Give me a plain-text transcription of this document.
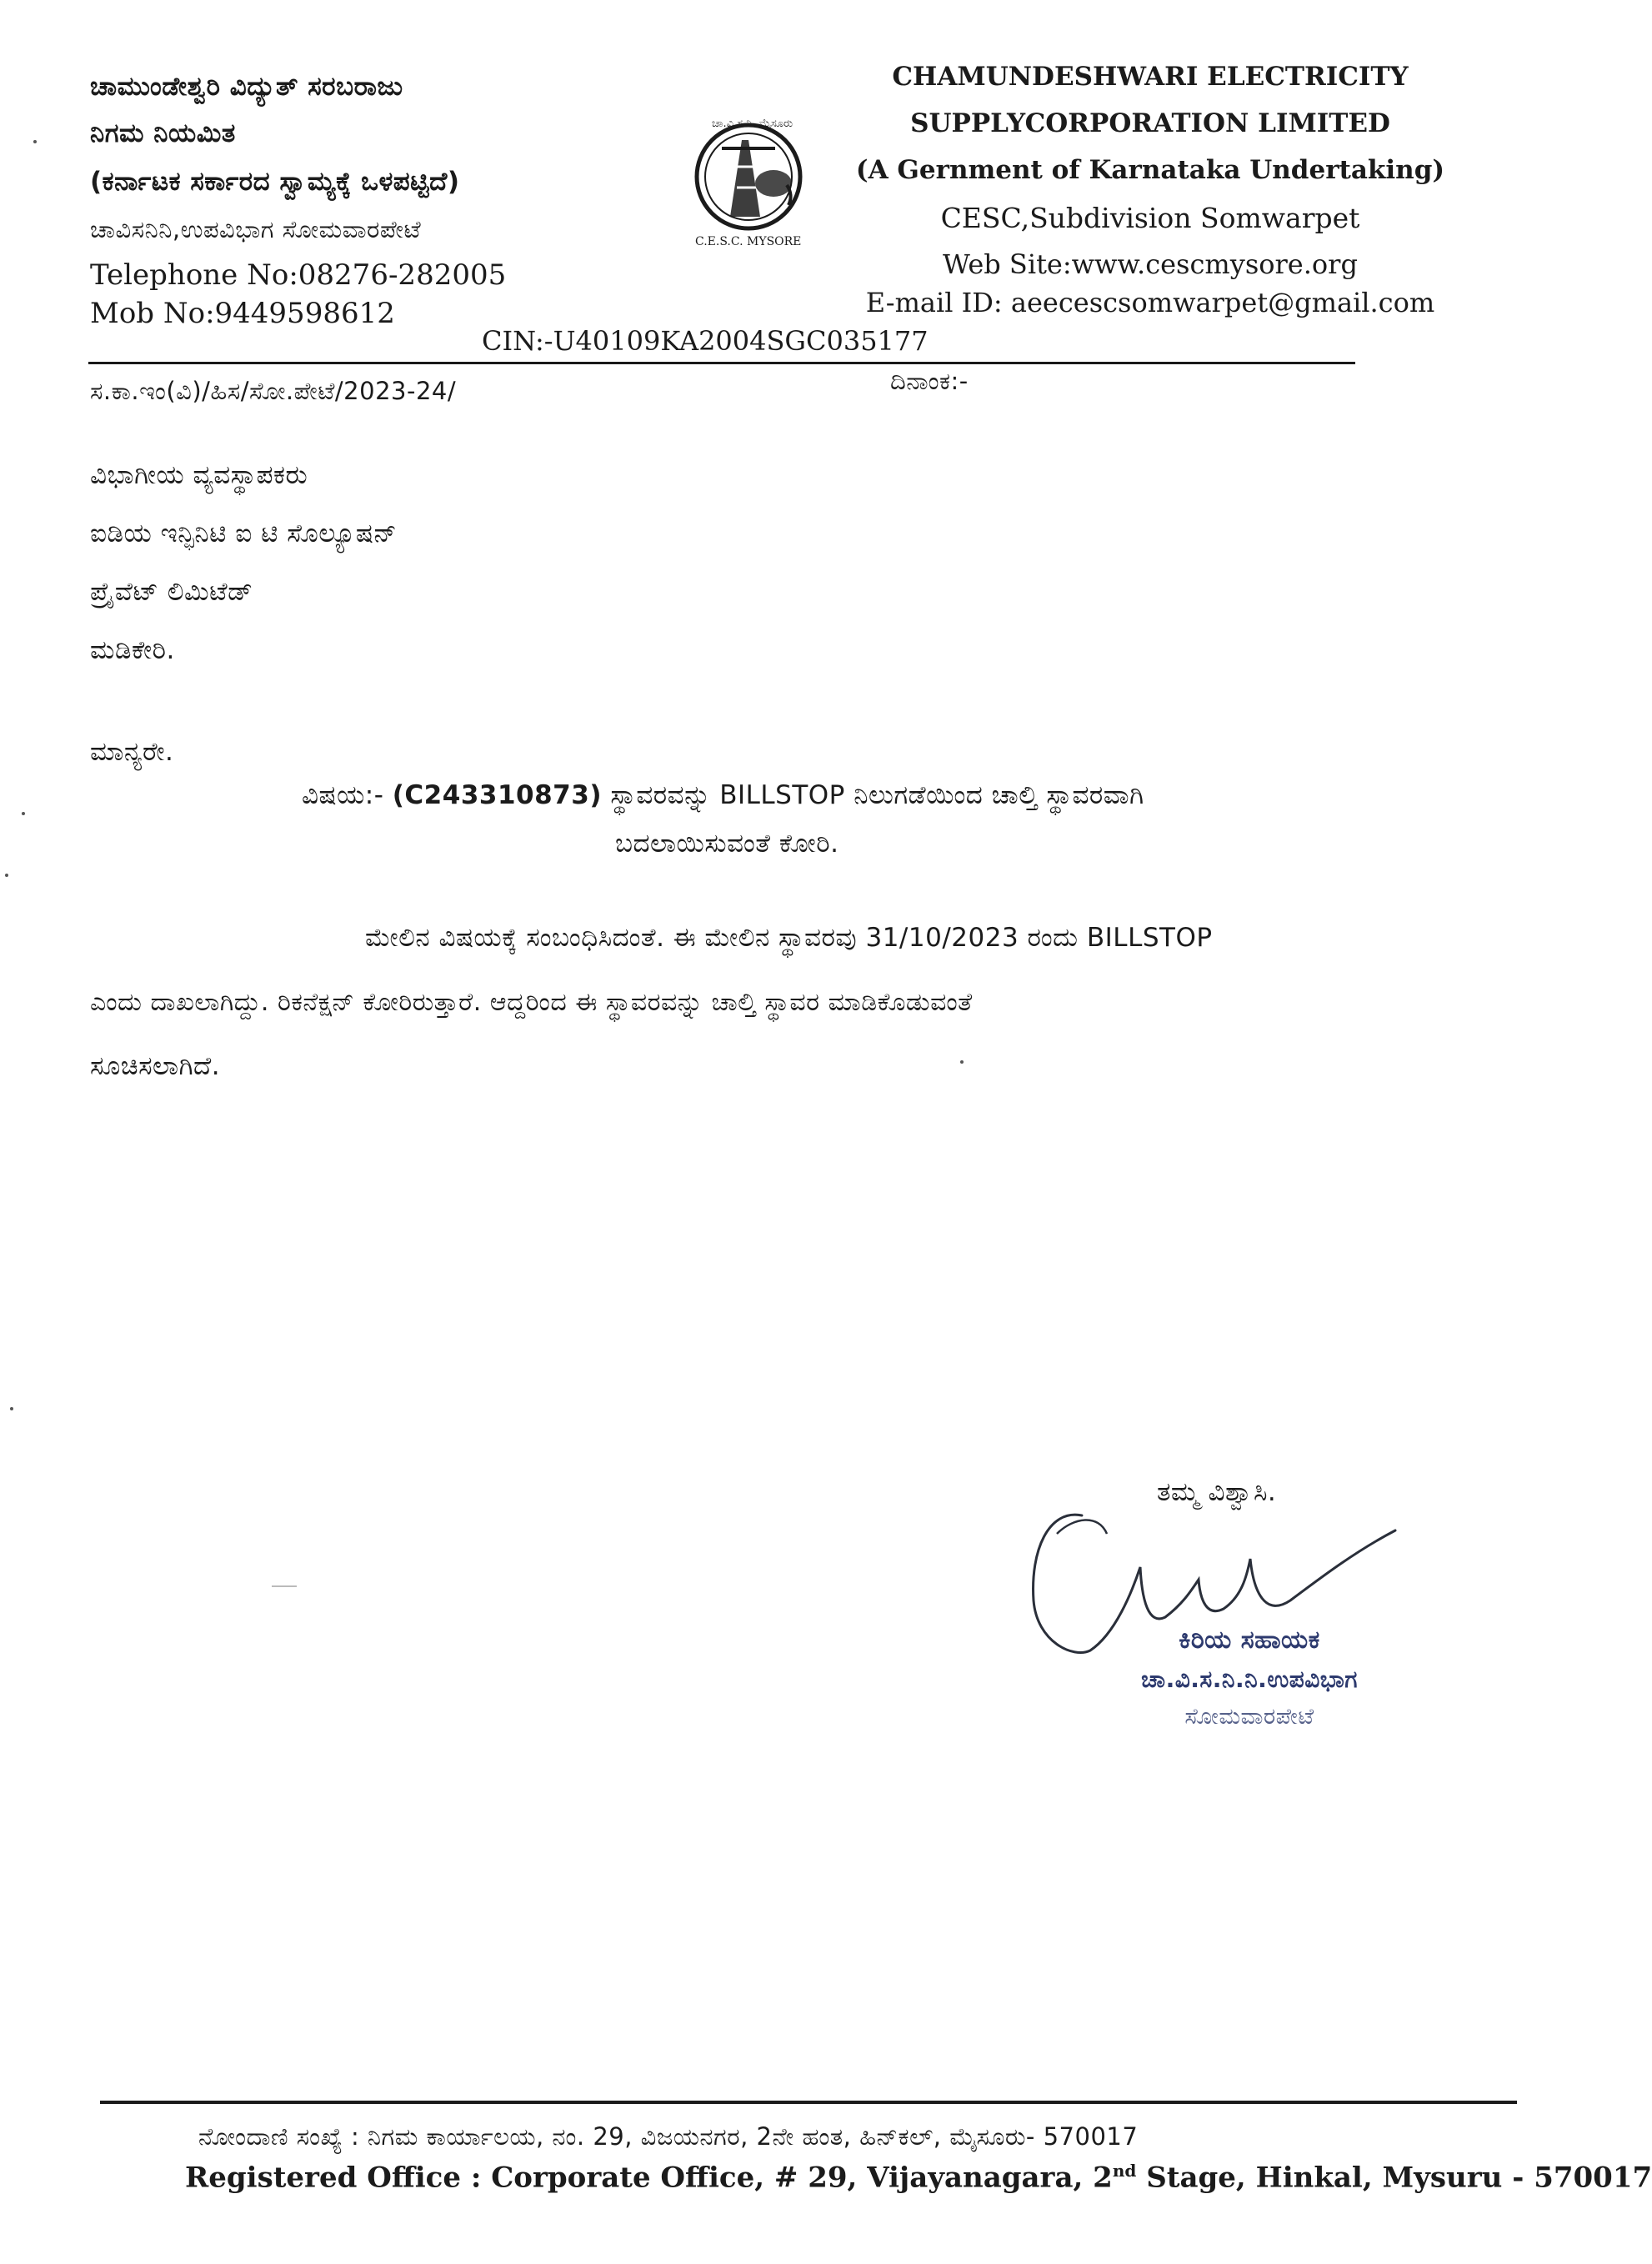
ಚಾಮುಂಡೇಶ್ವರಿ ವಿದ್ಯುತ್ ಸರಬರಾಜು
ನಿಗಮ ನಿಯಮಿತ
(ಕರ್ನಾಟಕ ಸರ್ಕಾರದ ಸ್ವಾಮ್ಯಕ್ಕೆ ಒಳಪಟ್ಟಿದೆ)
ಚಾವಿಸನಿನಿ,ಉಪವಿಭಾಗ ಸೋಮವಾರಪೇಟೆ
Telephone No:08276-282005
Mob No:9449598612
ಚಾ.ವಿ.ಸ.ನಿ. ಮೈಸೂರು
C.E.S.C. MYSORE
CHAMUNDESHWARI ELECTRICITY
SUPPLYCORPORATION LIMITED
(A Gernment of Karnataka Undertaking)
CESC,Subdivision Somwarpet
Web Site:www.cescmysore.org
E-mail ID: aeecescsomwarpet@gmail.com
CIN:-U40109KA2004SGC035177
ಸ.ಕಾ.ಇಂ(ವಿ)/ಹಿಸ/ಸೋ.ಪೇಟೆ/2023-24/	ದಿನಾಂಕ:-
ವಿಭಾಗೀಯ ವ್ಯವಸ್ಥಾಪಕರು
ಐಡಿಯ ಇನ್ಫಿನಿಟಿ ಐ ಟಿ ಸೊಲ್ಯೂಷನ್
ಪ್ರೈವೆಟ್ ಲಿಮಿಟೆಡ್
ಮಡಿಕೇರಿ.
ಮಾನ್ಯರೇ.
ವಿಷಯ:- (C243310873) ಸ್ಥಾವರವನ್ನು BILLSTOP ನಿಲುಗಡೆಯಿಂದ ಚಾಲ್ತಿ ಸ್ಥಾವರವಾಗಿ
ಬದಲಾಯಿಸುವಂತೆ ಕೋರಿ.
ಮೇಲಿನ ವಿಷಯಕ್ಕೆ ಸಂಬಂಧಿಸಿದಂತೆ. ಈ ಮೇಲಿನ ಸ್ಥಾವರವು 31/10/2023 ರಂದು BILLSTOP
ಎಂದು ದಾಖಲಾಗಿದ್ದು. ರಿಕನೆಕ್ಷನ್ ಕೋರಿರುತ್ತಾರೆ. ಆದ್ದರಿಂದ ಈ ಸ್ಥಾವರವನ್ನು ಚಾಲ್ತಿ ಸ್ಥಾವರ ಮಾಡಿಕೊಡುವಂತೆ
ಸೂಚಿಸಲಾಗಿದೆ.
ತಮ್ಮ ವಿಶ್ವಾಸಿ.
ಕಿರಿಯ ಸಹಾಯಕ
ಚಾ.ವಿ.ಸ.ನಿ.ನಿ.ಉಪವಿಭಾಗ
ಸೋಮವಾರಪೇಟೆ
ನೋಂದಾಣಿ ಸಂಖ್ಯೆ : ನಿಗಮ ಕಾರ್ಯಾಲಯ, ನಂ. 29, ವಿಜಯನಗರ, 2ನೇ ಹಂತ, ಹಿನ್‌ಕಲ್, ಮೈಸೂರು- 570017
Registered Office : Corporate Office, # 29, Vijayanagara, 2nd Stage, Hinkal, Mysuru - 570017
